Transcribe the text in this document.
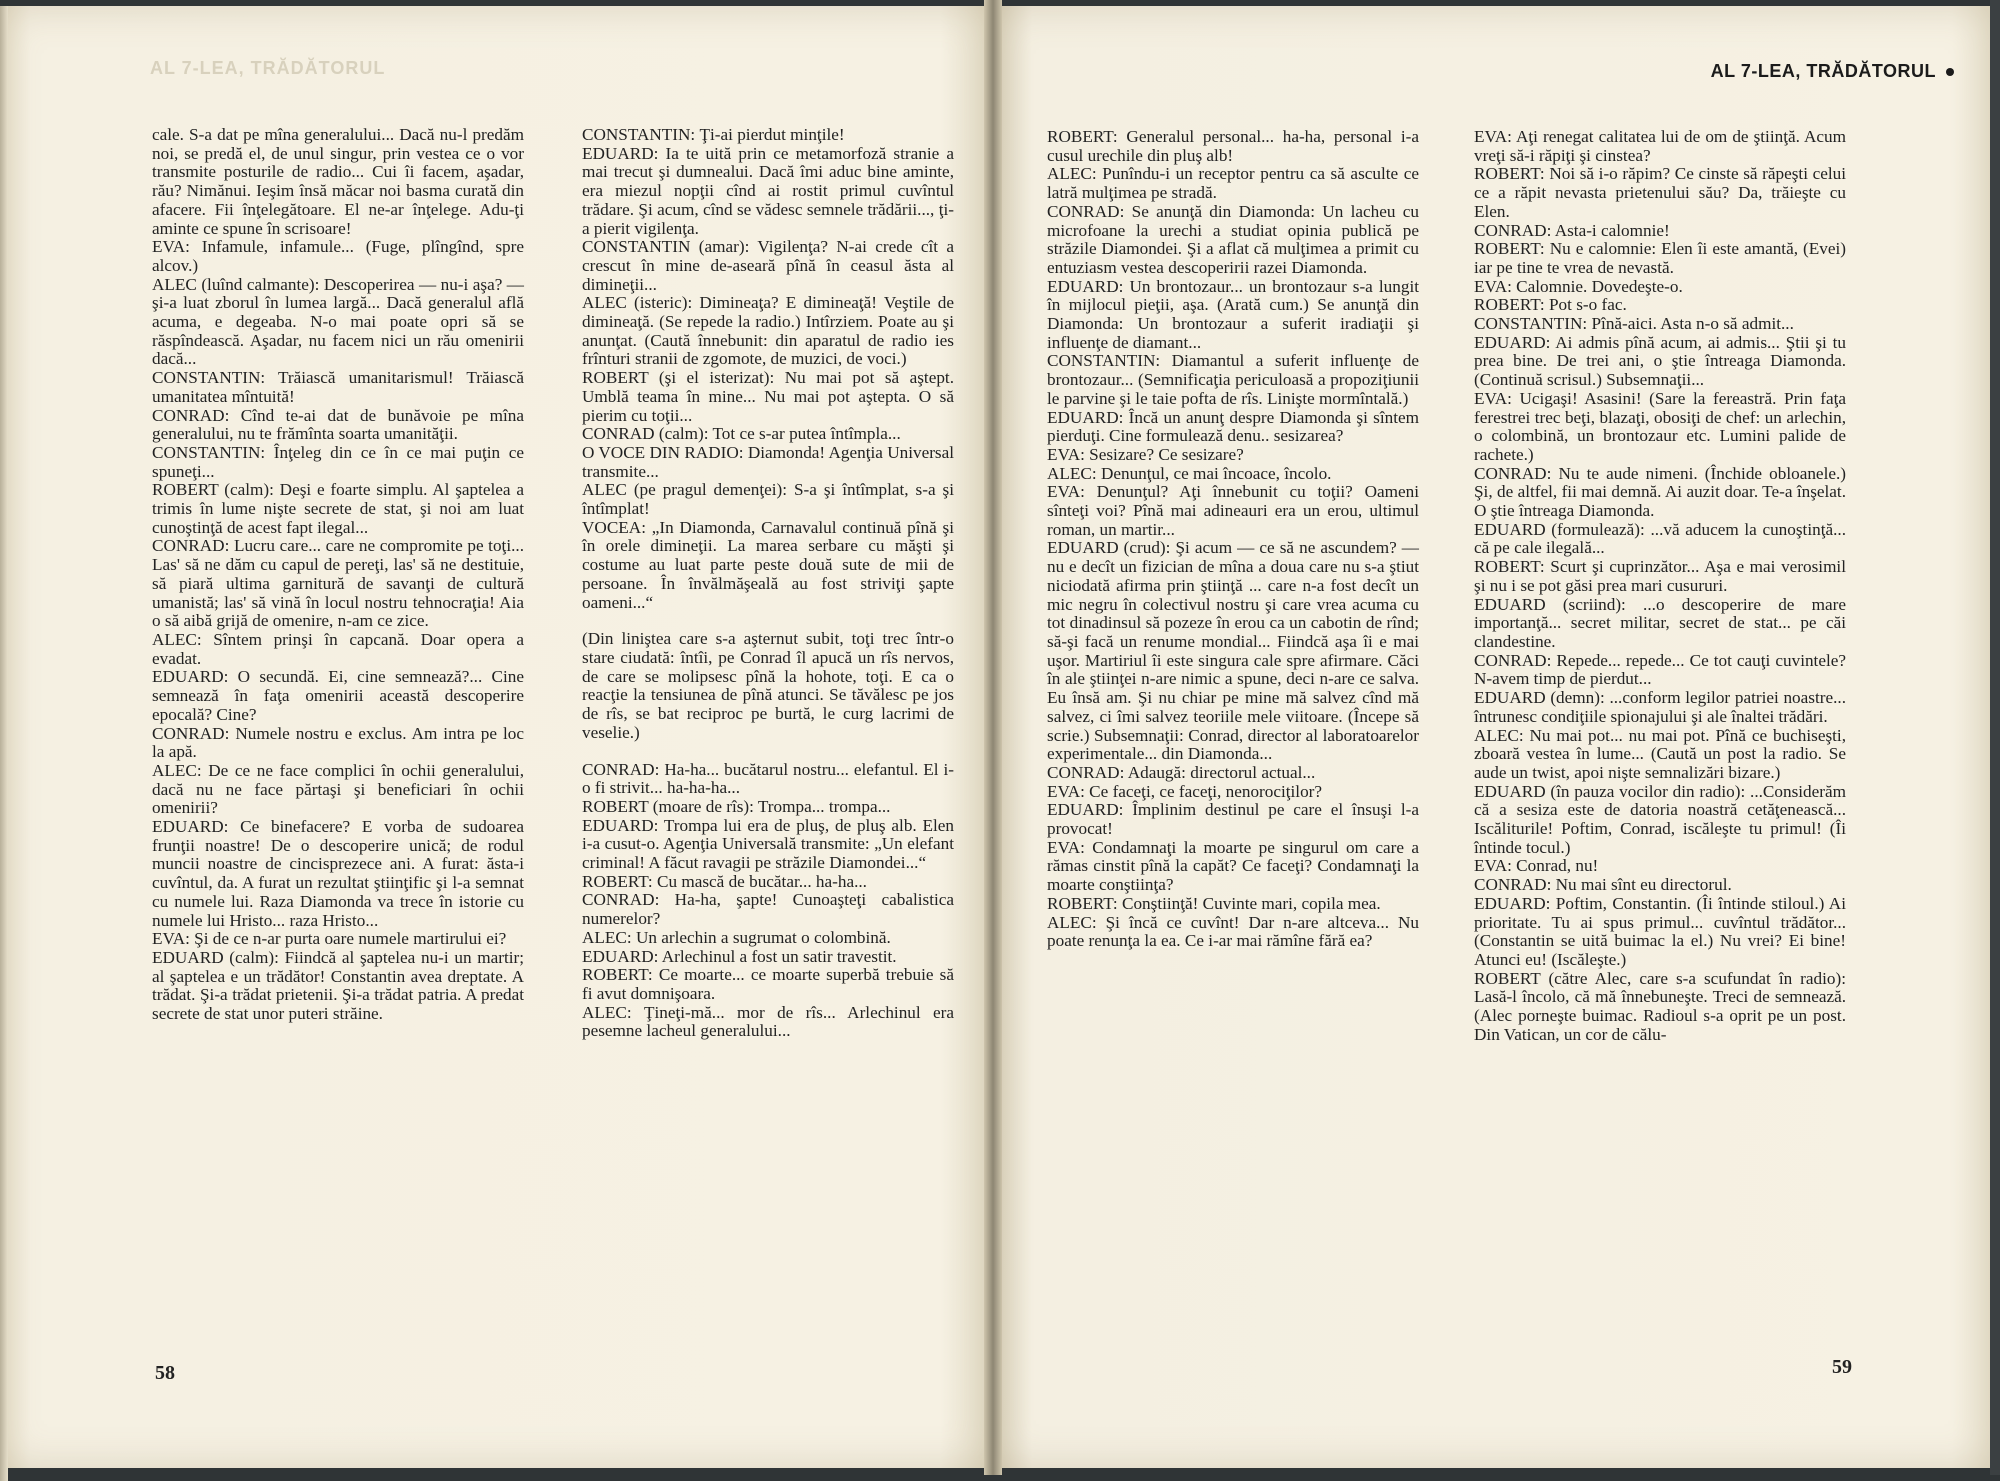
AL 7-LEA, TRĂDĂTORUL

cale. S-a dat pe mîna generalului... Dacă nu-l predăm noi, se predă el, de unul singur, prin vestea ce o vor transmite posturile de radio... Cui îi facem, aşadar, rău? Nimănui. Ieşim însă măcar noi basma curată din afacere. Fii înţelegătoare. El ne-ar înţelege. Adu-ţi aminte ce spune în scrisoare!

EVA: Infamule, infamule... (Fuge, plîngînd, spre alcov.)

ALEC (luînd calmante): Descoperirea — nu-i aşa? — şi-a luat zborul în lumea largă... Dacă generalul află acuma, e degeaba. N-o mai poate opri să se răspîndească. Aşadar, nu facem nici un rău omenirii dacă...

CONSTANTIN: Trăiască umanitarismul! Trăiască umanitatea mîntuită!

CONRAD: Cînd te-ai dat de bunăvoie pe mîna generalului, nu te frămînta soarta umanităţii.

CONSTANTIN: Înţeleg din ce în ce mai puţin ce spuneţi...

ROBERT (calm): Deşi e foarte simplu. Al şaptelea a trimis în lume nişte secrete de stat, şi noi am luat cunoştinţă de acest fapt ilegal...

CONRAD: Lucru care... care ne compromite pe toţi... Las' să ne dăm cu capul de pereţi, las' să ne destituie, să piară ultima garnitură de savanţi de cultură umanistă; las' să vină în locul nostru tehnocraţia! Aia o să aibă grijă de omenire, n-am ce zice.

ALEC: Sîntem prinşi în capcană. Doar opera a evadat.

EDUARD: O secundă. Ei, cine semnează?... Cine semnează în faţa omenirii această descoperire epocală? Cine?

CONRAD: Numele nostru e exclus. Am intra pe loc la apă.

ALEC: De ce ne face complici în ochii generalului, dacă nu ne face părtaşi şi beneficiari în ochii omenirii?

EDUARD: Ce binefacere? E vorba de sudoarea frunţii noastre! De o descoperire unică; de rodul muncii noastre de cincisprezece ani. A furat: ăsta-i cuvîntul, da. A furat un rezultat ştiinţific şi l-a semnat cu numele lui. Raza Diamonda va trece în istorie cu numele lui Hristo... raza Hristo...

EVA: Şi de ce n-ar purta oare numele martirului ei?

EDUARD (calm): Fiindcă al şaptelea nu-i un martir; al şaptelea e un trădător! Constantin avea dreptate. A trădat. Şi-a trădat prietenii. Şi-a trădat patria. A predat secrete de stat unor puteri străine.

CONSTANTIN: Ţi-ai pierdut minţile!

EDUARD: Ia te uită prin ce metamorfoză stranie a mai trecut şi dumnealui. Dacă îmi aduc bine aminte, era miezul nopţii cînd ai rostit primul cuvîntul trădare. Şi acum, cînd se vădesc semnele trădării..., ţi-a pierit vigilenţa.

CONSTANTIN (amar): Vigilenţa? N-ai crede cît a crescut în mine de-aseară pînă în ceasul ăsta al dimineţii...

ALEC (isteric): Dimineaţa? E dimineaţă! Veştile de dimineaţă. (Se repede la radio.) Intîrziem. Poate au şi anunţat. (Caută înnebunit: din aparatul de radio ies frînturi stranii de zgomote, de muzici, de voci.)

ROBERT (şi el isterizat): Nu mai pot să aştept. Umblă teama în mine... Nu mai pot aştepta. O să pierim cu toţii...

CONRAD (calm): Tot ce s-ar putea întîmpla...

O VOCE DIN RADIO: Diamonda! Agenţia Universal transmite...

ALEC (pe pragul demenţei): S-a şi întîmplat, s-a şi întîmplat!

VOCEA: „In Diamonda, Carnavalul continuă pînă şi în orele dimineţii. La marea serbare cu măşti şi costume au luat parte peste două sute de mii de persoane. În învălmăşeală au fost striviţi şapte oameni...“

(Din liniştea care s-a aşternut subit, toţi trec într-o stare ciudată: întîi, pe Conrad îl apucă un rîs nervos, de care se molipsesc pînă la hohote, toţi. E ca o reacţie la tensiunea de pînă atunci. Se tăvălesc pe jos de rîs, se bat reciproc pe burtă, le curg lacrimi de veselie.)

CONRAD: Ha-ha... bucătarul nostru... elefantul. El i-o fi strivit... ha-ha-ha...

ROBERT (moare de rîs): Trompa... trompa...

EDUARD: Trompa lui era de pluş, de pluş alb. Elen i-a cusut-o. Agenţia Universală transmite: „Un elefant criminal! A făcut ravagii pe străzile Diamondei...“

ROBERT: Cu mască de bucătar... ha-ha...

CONRAD: Ha-ha, şapte! Cunoaşteţi cabalistica numerelor?

ALEC: Un arlechin a sugrumat o colombină.

EDUARD: Arlechinul a fost un satir travestit.

ROBERT: Ce moarte... ce moarte superbă trebuie să fi avut domnişoara.

ALEC: Ţineţi-mă... mor de rîs... Arlechinul era pesemne lacheul generalului...

58
AL 7-LEA, TRĂDĂTORUL

ROBERT: Generalul personal... ha-ha, personal i-a cusul urechile din pluş alb!

ALEC: Punîndu-i un receptor pentru ca să asculte ce latră mulţimea pe stradă.

CONRAD: Se anunţă din Diamonda: Un lacheu cu microfoane la urechi a studiat opinia publică pe străzile Diamondei. Şi a aflat că mulţimea a primit cu entuziasm vestea descoperirii razei Diamonda.

EDUARD: Un brontozaur... un brontozaur s-a lungit în mijlocul pieţii, aşa. (Arată cum.) Se anunţă din Diamonda: Un brontozaur a suferit iradiaţii şi influenţe de diamant...

CONSTANTIN: Diamantul a suferit influenţe de brontozaur... (Semnificaţia periculoasă a propoziţiunii le parvine şi le taie pofta de rîs. Linişte mormîntală.)

EDUARD: Încă un anunţ despre Diamonda şi sîntem pierduţi. Cine formulează denu.. sesizarea?

EVA: Sesizare? Ce sesizare?

ALEC: Denunţul, ce mai încoace, încolo.

EVA: Denunţul? Aţi înnebunit cu toţii? Oameni sînteţi voi? Pînă mai adineauri era un erou, ultimul roman, un martir...

EDUARD (crud): Şi acum — ce să ne ascundem? — nu e decît un fizician de mîna a doua care nu s-a ştiut niciodată afirma prin ştiinţă ... care n-a fost decît un mic negru în colectivul nostru şi care vrea acuma cu tot dinadinsul să pozeze în erou ca un cabotin de rînd; să-şi facă un renume mondial... Fiindcă aşa îi e mai uşor. Martiriul îi este singura cale spre afirmare. Căci în ale ştiinţei n-are nimic a spune, deci n-are ce salva. Eu însă am. Şi nu chiar pe mine mă salvez cînd mă salvez, ci îmi salvez teoriile mele viitoare. (Începe să scrie.) Subsemnaţii: Conrad, director al laboratoarelor experimentale... din Diamonda...

CONRAD: Adaugă: directorul actual...

EVA: Ce faceţi, ce faceţi, nenorociţilor?

EDUARD: Împlinim destinul pe care el însuşi l-a provocat!

EVA: Condamnaţi la moarte pe singurul om care a rămas cinstit pînă la capăt? Ce faceţi? Condamnaţi la moarte conştiinţa?

ROBERT: Conştiinţă! Cuvinte mari, copila mea.

ALEC: Şi încă ce cuvînt! Dar n-are altceva... Nu poate renunţa la ea. Ce i-ar mai rămîne fără ea?

EVA: Aţi renegat calitatea lui de om de ştiinţă. Acum vreţi să-i răpiţi şi cinstea?

ROBERT: Noi să i-o răpim? Ce cinste să răpeşti celui ce a răpit nevasta prietenului său? Da, trăieşte cu Elen.

CONRAD: Asta-i calomnie!

ROBERT: Nu e calomnie: Elen îi este amantă, (Evei) iar pe tine te vrea de nevastă.

EVA: Calomnie. Dovedeşte-o.

ROBERT: Pot s-o fac.

CONSTANTIN: Pînă-aici. Asta n-o să admit...

EDUARD: Ai admis pînă acum, ai admis... Ştii şi tu prea bine. De trei ani, o ştie întreaga Diamonda. (Continuă scrisul.) Subsemnaţii...

EVA: Ucigaşi! Asasini! (Sare la fereastră. Prin faţa ferestrei trec beţi, blazaţi, obosiţi de chef: un arlechin, o colombină, un brontozaur etc. Lumini palide de rachete.)

CONRAD: Nu te aude nimeni. (Închide obloanele.) Şi, de altfel, fii mai demnă. Ai auzit doar. Te-a înşelat. O ştie întreaga Diamonda.

EDUARD (formulează): ...vă aducem la cunoştinţă... că pe cale ilegală...

ROBERT: Scurt şi cuprinzător... Aşa e mai verosimil şi nu i se pot găsi prea mari cusururi.

EDUARD (scriind): ...o descoperire de mare importanţă... secret militar, secret de stat... pe căi clandestine.

CONRAD: Repede... repede... Ce tot cauţi cuvintele? N-avem timp de pierdut...

EDUARD (demn): ...conform legilor patriei noastre... întrunesc condiţiile spionajului şi ale înaltei trădări.

ALEC: Nu mai pot... nu mai pot. Pînă ce buchiseşti, zboară vestea în lume... (Caută un post la radio. Se aude un twist, apoi nişte semnalizări bizare.)

EDUARD (în pauza vocilor din radio): ...Considerăm că a sesiza este de datoria noastră cetăţenească... Iscăliturile! Poftim, Conrad, iscăleşte tu primul! (Îi întinde tocul.)

EVA: Conrad, nu!

CONRAD: Nu mai sînt eu directorul.

EDUARD: Poftim, Constantin. (Îi întinde stiloul.) Ai prioritate. Tu ai spus primul... cuvîntul trădător... (Constantin se uită buimac la el.) Nu vrei? Ei bine! Atunci eu! (Iscăleşte.)

ROBERT (către Alec, care s-a scufundat în radio): Lasă-l încolo, că mă înnebuneşte. Treci de semnează. (Alec porneşte buimac. Radioul s-a oprit pe un post. Din Vatican, un cor de călu-

59
